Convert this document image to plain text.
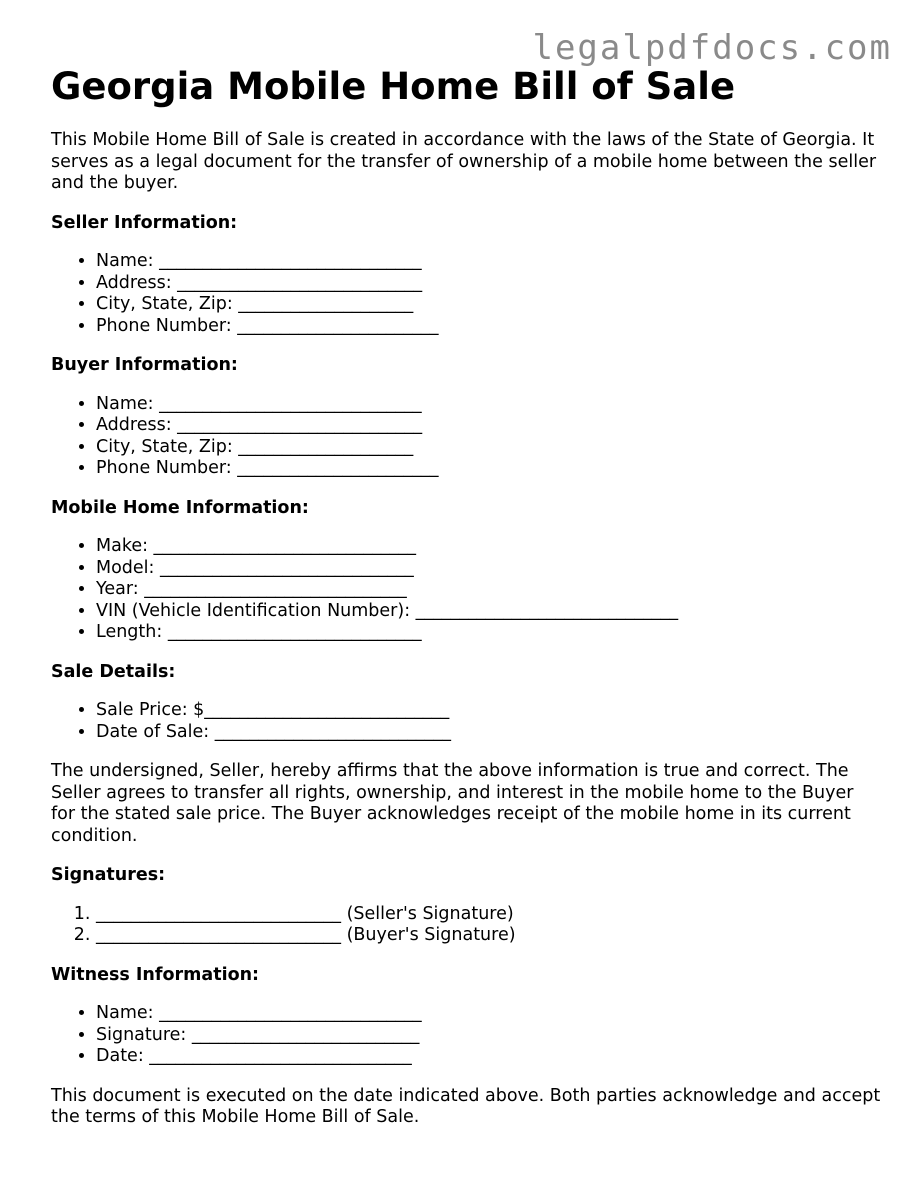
legalpdfdocs.com
Georgia Mobile Home Bill of Sale

This Mobile Home Bill of Sale is created in accordance with the laws of the State of Georgia. It serves as a legal document for the transfer of ownership of a mobile home between the seller and the buyer.

Seller Information:
• Name: ______________________________
• Address: ____________________________
• City, State, Zip: ____________________
• Phone Number: _______________________
Buyer Information:
• Name: ______________________________
• Address: ____________________________
• City, State, Zip: ____________________
• Phone Number: _______________________
Mobile Home Information:
• Make: ______________________________
• Model: _____________________________
• Year: ______________________________
• VIN (Vehicle Identification Number): ______________________________
• Length: _____________________________
Sale Details:
• Sale Price: $____________________________
• Date of Sale: ___________________________

The undersigned, Seller, hereby affirms that the above information is true and correct. The Seller agrees to transfer all rights, ownership, and interest in the mobile home to the Buyer for the stated sale price. The Buyer acknowledges receipt of the mobile home in its current condition.

Signatures:
1. ____________________________ (Seller's Signature)
2. ____________________________ (Buyer's Signature)
Witness Information:
• Name: ______________________________
• Signature: __________________________
• Date: ______________________________

This document is executed on the date indicated above. Both parties acknowledge and accept the terms of this Mobile Home Bill of Sale.
